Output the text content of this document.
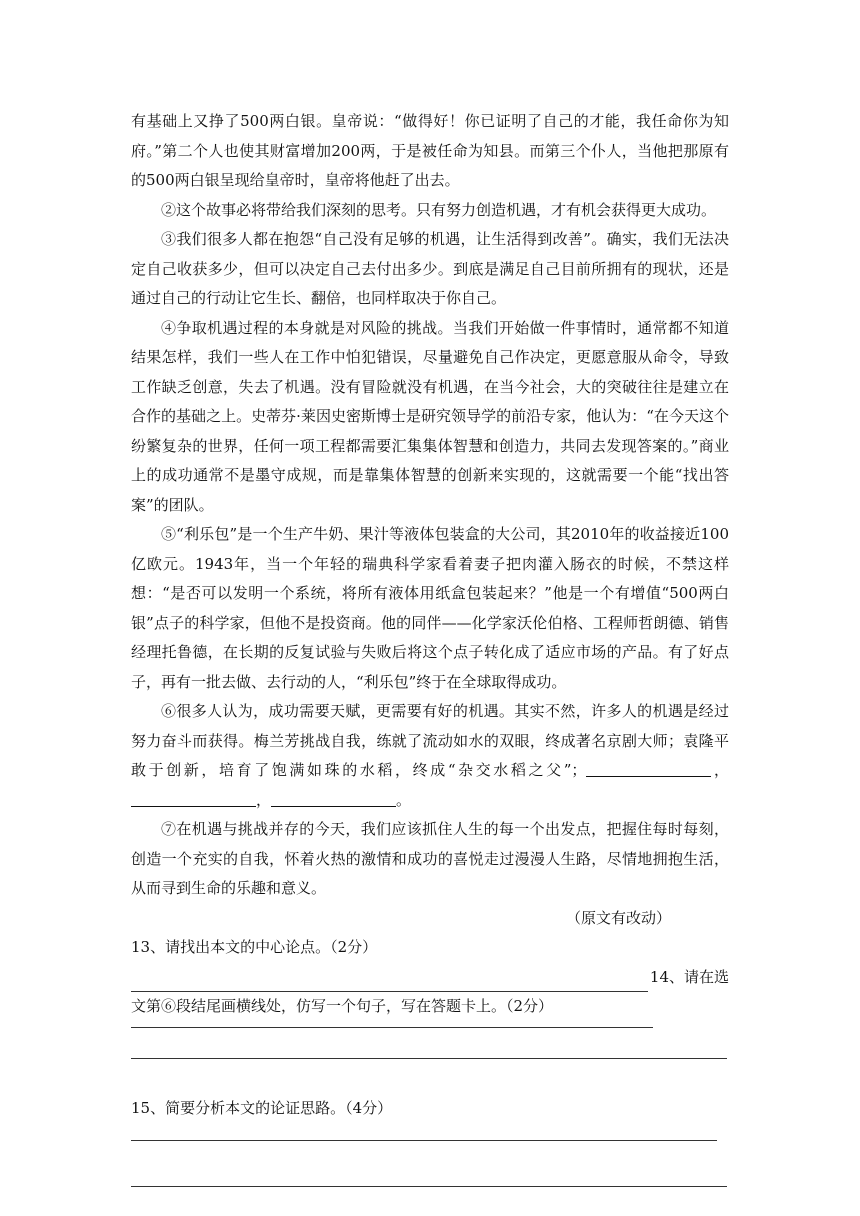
有基础上又挣了500两白银。皇帝说：“做得好！你已证明了自己的才能，我任命你为知府。”第二个人也使其财富增加200两，于是被任命为知县。而第三个仆人，当他把那原有的500两白银呈现给皇帝时，皇帝将他赶了出去。

②这个故事必将带给我们深刻的思考。只有努力创造机遇，才有机会获得更大成功。

③我们很多人都在抱怨“自己没有足够的机遇，让生活得到改善”。确实，我们无法决定自己收获多少，但可以决定自己去付出多少。到底是满足自己目前所拥有的现状，还是通过自己的行动让它生长、翻倍，也同样取决于你自己。

④争取机遇过程的本身就是对风险的挑战。当我们开始做一件事情时，通常都不知道结果怎样，我们一些人在工作中怕犯错误，尽量避免自己作决定，更愿意服从命令，导致工作缺乏创意，失去了机遇。没有冒险就没有机遇，在当今社会，大的突破往往是建立在合作的基础之上。史蒂芬·莱因史密斯博士是研究领导学的前沿专家，他认为：“在今天这个纷繁复杂的世界，任何一项工程都需要汇集集体智慧和创造力，共同去发现答案的。”商业上的成功通常不是墨守成规，而是靠集体智慧的创新来实现的，这就需要一个能“找出答案”的团队。

⑤“利乐包”是一个生产牛奶、果汁等液体包装盒的大公司，其2010年的收益接近100亿欧元。1943年，当一个年轻的瑞典科学家看着妻子把肉灌入肠衣的时候，不禁这样想：“是否可以发明一个系统，将所有液体用纸盒包装起来？”他是一个有增值“500两白银”点子的科学家，但他不是投资商。他的同伴——化学家沃伦伯格、工程师哲朗德、销售经理托鲁德，在长期的反复试验与失败后将这个点子转化成了适应市场的产品。有了好点子，再有一批去做、去行动的人，“利乐包”终于在全球取得成功。

⑥很多人认为，成功需要天赋，更需要有好的机遇。其实不然，许多人的机遇是经过努力奋斗而获得。梅兰芳挑战自我，练就了流动如水的双眼，终成著名京剧大师；袁隆平敢于创新，培育了饱满如珠的水稻，终成“杂交水稻之父”；	，，	。

⑦在机遇与挑战并存的今天，我们应该抓住人生的每一个出发点，把握住每时每刻，创造一个充实的自我，怀着火热的激情和成功的喜悦走过漫漫人生路，尽情地拥抱生活，从而寻到生命的乐趣和意义。

（原文有改动）

13、请找出本文的中心论点。（2分）

14、请在选

文第⑥段结尾画横线处，仿写一个句子，写在答题卡上。（2分）

15、简要分析本文的论证思路。（4分）
